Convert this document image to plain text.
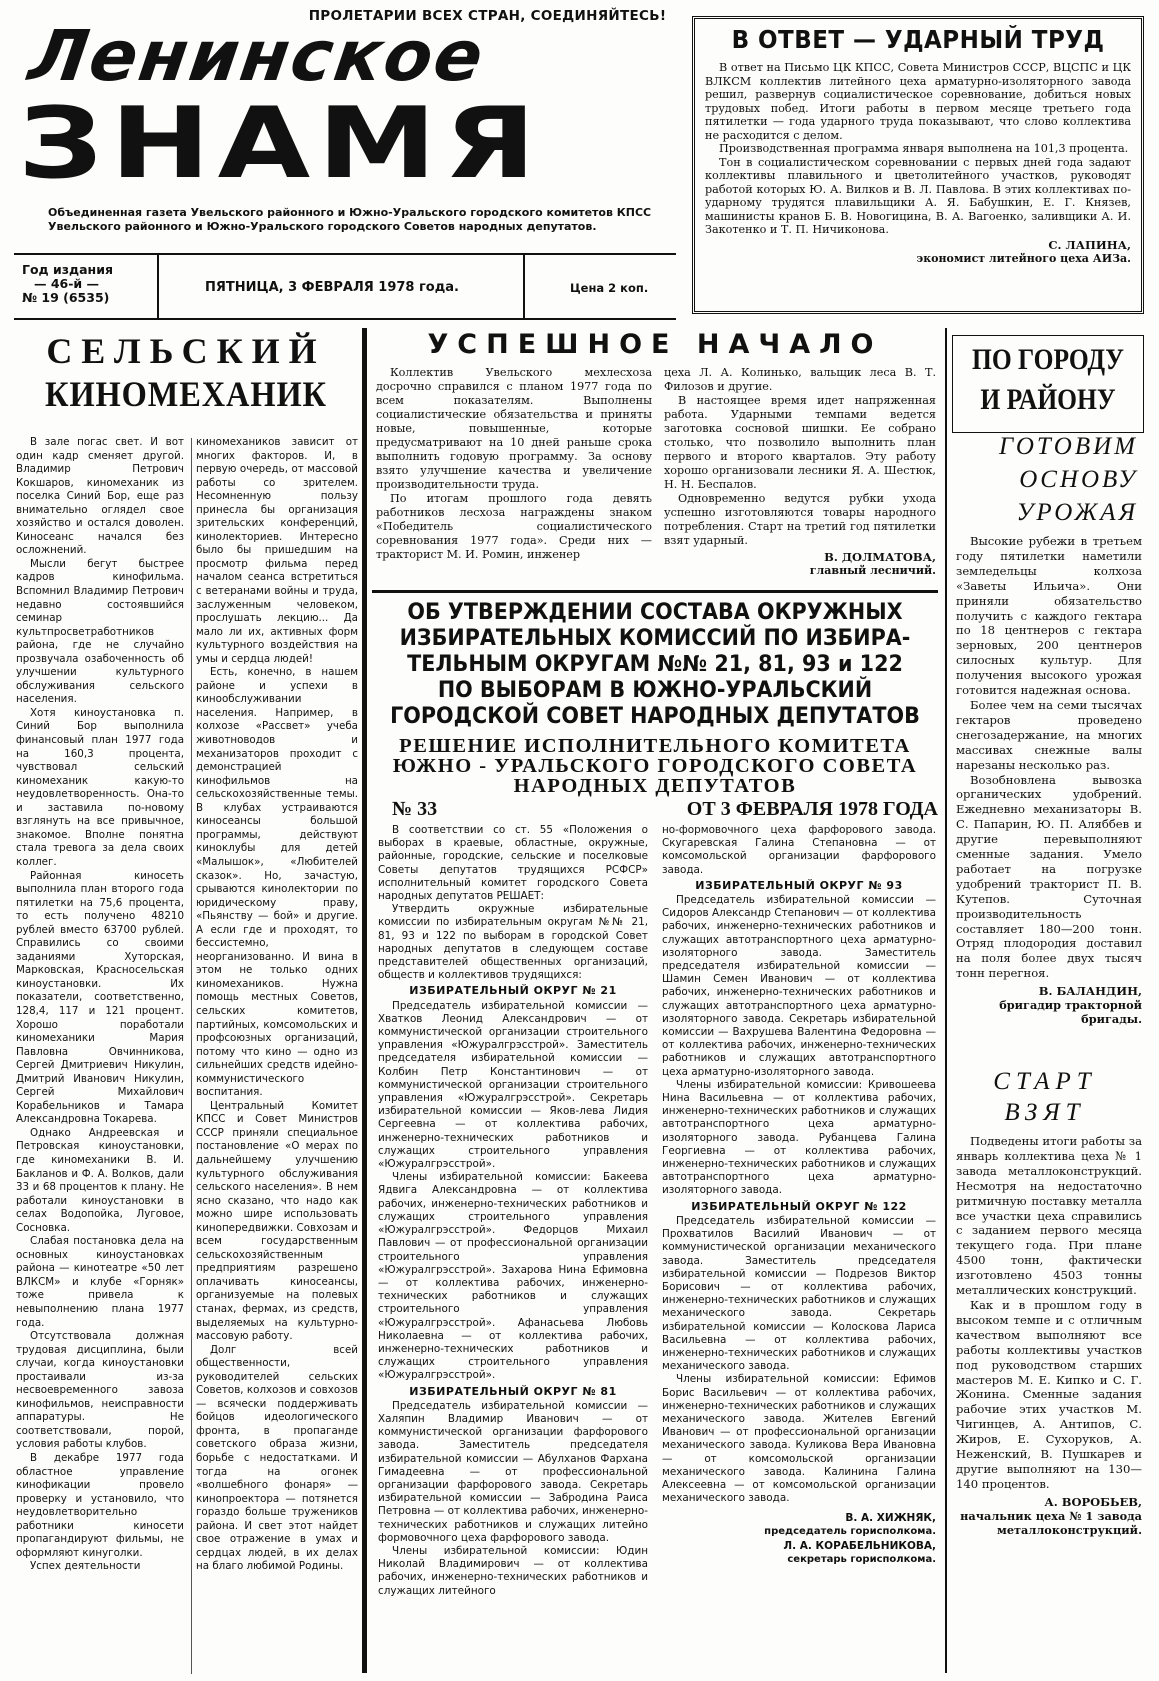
ПРОЛЕТАРИИ ВСЕХ СТРАН, СОЕДИНЯЙТЕСЬ!
Ленинское
ЗНАМЯ
Объединенная газета Увельского районного и Южно-Уральского городского комитетов КПСС Увельского районного и Южно-Уральского городского Советов народных депутатов.
Год издания
— 46-й —
№ 19 (6535)
ПЯТНИЦА, 3 ФЕВРАЛЯ 1978 года.	Цена 2 коп.
В ОТВЕТ — УДАРНЫЙ ТРУД

В ответ на Письмо ЦК КПСС, Совета Министров СССР, ВЦСПС и ЦК ВЛКСМ коллектив литейного цеха арматурно-изоляторного завода решил, развернув социалистическое соревнование, добиться новых трудовых побед. Итоги работы в первом месяце третьего года пятилетки — года ударного труда показывают, что слово коллектива не расходится с делом.

Производственная программа января выполнена на 101,3 процента.

Тон в социалистическом соревновании с первых дней года задают коллективы плавильного и цветолитейного участков, руководят работой которых Ю. А. Вилков и В. Л. Павлова. В этих коллективах по-ударному трудятся плавильщики А. Я. Бабушкин, Е. Г. Князев, машинисты кранов Б. В. Новогицина, В. А. Вагоенко, заливщики А. И. Закотенко и Т. П. Ничиконова.

С. ЛАПИНА,
экономист литейного цеха АИЗа.
СЕЛЬСКИЙ
КИНОМЕХАНИК

В зале погас свет. И вот один кадр сменяет другой. Владимир Петрович Кокшаров, киномеханик из поселка Синий Бор, еще раз внимательно оглядел свое хозяйство и остался доволен. Киносеанс начался без осложнений.

Мысли бегут быстрее кадров кинофильма. Вспомнил Владимир Петрович недавно состоявшийся семинар культпросветработников района, где не случайно прозвучала озабоченность об улучшении культурного обслуживания сельского населения.

Хотя киноустановка п. Синий Бор выполнила финансовый план 1977 года на 160,3 процента, чувствовал сельский киномеханик какую-то неудовлетворенность. Она-то и заставила по-новому взглянуть на все привычное, знакомое. Вполне понятна стала тревога за дела своих коллег.

Районная киносеть выполнила план второго года пятилетки на 75,6 процента, то есть получено 48210 рублей вместо 63700 рублей. Справились со своими заданиями Хуторская, Марковская, Красносельская киноустановки. Их показатели, соответственно, 128,4, 117 и 121 процент. Хорошо поработали киномеханики Мария Павловна Овчинникова, Сергей Дмитриевич Никулин, Дмитрий Иванович Никулин, Сергей Михайлович Корабельников и Тамара Александровна Токарева.

Однако Андреевская и Петровская киноустановки, где киномеханики В. И. Бакланов и Ф. А. Волков, дали 33 и 68 процентов к плану. Не работали киноустановки в селах Водопойка, Луговое, Сосновка.

Слабая постановка дела на основных киноустановках района — кинотеатре «50 лет ВЛКСМ» и клубе «Горняк» тоже привела к невыполнению плана 1977 года.

Отсутствовала должная трудовая дисциплина, были случаи, когда киноустановки простаивали из-за несвоевременного завоза кинофильмов, неисправности аппаратуры. Не соответствовали, порой, условия работы клубов.

В декабре 1977 года областное управление кинофикации провело проверку и установило, что неудовлетворительно работники киносети пропагандируют фильмы, не оформляют кинуголки.

Успех деятельности

киномехаников зависит от многих факторов. И, в первую очередь, от массовой работы со зрителем. Несомненную пользу принесла бы организация зрительских конференций, кинолекториев. Интересно было бы пришедшим на просмотр фильма перед началом сеанса встретиться с ветеранами войны и труда, заслуженным человеком, прослушать лекцию... Да мало ли их, активных форм культурного воздействия на умы и сердца людей!

Есть, конечно, в нашем районе и успехи в кинообслуживании населения. Например, в колхозе «Рассвет» учеба животноводов и механизаторов проходит с демонстрацией кинофильмов на сельскохозяйственные темы. В клубах устраиваются киносеансы большой программы, действуют киноклубы для детей «Малышок», «Любителей сказок». Но, зачастую, срываются кинолектории по юридическому праву, «Пьянству — бой» и другие. А если где и проходят, то бессистемно, неорганизованно. И вина в этом не только одних киномехаников. Нужна помощь местных Советов, сельских комитетов, партийных, комсомольских и профсоюзных организаций, потому что кино — одно из сильнейших средств идейно-коммунистического воспитания.

Центральный Комитет КПСС и Совет Министров СССР приняли специальное постановление «О мерах по дальнейшему улучшению культурного обслуживания сельского населения». В нем ясно сказано, что надо как можно шире использовать кинопередвижки. Совхозам и всем государственным сельскохозяйственным предприятиям разрешено оплачивать киносеансы, организуемые на полевых станах, фермах, из средств, выделяемых на культурно-массовую работу.

Долг всей общественности, руководителей сельских Советов, колхозов и совхозов — всячески поддерживать бойцов идеологического фронта, в пропаганде советского образа жизни, борьбе с недостатками. И тогда на огонек «волшебного фонаря» — кинопроектора — потянется гораздо больше тружеников района. И свет этот найдет свое отражение в умах и сердцах людей, в их делах на благо любимой Родины.

УСПЕШНОЕ НАЧАЛО

Коллектив Увельского мехлесхоза досрочно справился с планом 1977 года по всем показателям. Выполнены социалистические обязательства и приняты новые, повышенные, которые предусматривают на 10 дней раньше срока выполнить годовую программу. За основу взято улучшение качества и увеличение производительности труда.

По итогам прошлого года девять работников лесхоза награждены знаком «Победитель социалистического соревнования 1977 года». Среди них — тракторист М. И. Ромин, инженер

цеха Л. А. Колинько, вальщик леса В. Т. Филозов и другие.

В настоящее время идет напряженная работа. Ударными темпами ведется заготовка сосновой шишки. Ее собрано столько, что позволило выполнить план первого и второго кварталов. Эту работу хорошо организовали лесники Я. А. Шестюк, Н. Н. Беспалов.

Одновременно ведутся рубки ухода успешно изготовляются товары народного потребления. Старт на третий год пятилетки взят ударный.

В. ДОЛМАТОВА,
главный лесничий.
ОБ УТВЕРЖДЕНИИ СОСТАВА ОКРУЖНЫХ
ИЗБИРАТЕЛЬНЫХ КОМИССИЙ ПО ИЗБИРА-
ТЕЛЬНЫМ ОКРУГАМ №№ 21, 81, 93 и 122
ПО ВЫБОРАМ В ЮЖНО-УРАЛЬСКИЙ
ГОРОДСКОЙ СОВЕТ НАРОДНЫХ ДЕПУТАТОВ
РЕШЕНИЕ ИСПОЛНИТЕЛЬНОГО КОМИТЕТА
ЮЖНО - УРАЛЬСКОГО ГОРОДСКОГО СОВЕТА
НАРОДНЫХ ДЕПУТАТОВ
№ 33	ОТ 3 ФЕВРАЛЯ 1978 ГОДА

В соответствии со ст. 55 «Положения о выборах в краевые, областные, окружные, районные, городские, сельские и поселковые Советы депутатов трудящихся РСФСР» исполнительный комитет городского Совета народных депутатов РЕШАЕТ:

Утвердить окружные избирательные комиссии по избирательным округам №№ 21, 81, 93 и 122 по выборам в городской Совет народных депутатов в следующем составе представителей общественных организаций, обществ и коллективов трудящихся:

ИЗБИРАТЕЛЬНЫЙ ОКРУГ № 21

Председатель избирательной комиссии — Хватков Леонид Александрович — от коммунистической организации строительного управления «Южуралгрэсстрой». Заместитель председателя избирательной комиссии — Колбин Петр Константинович — от коммунистической организации строительного управления «Южуралгрэсстрой». Секретарь избирательной комиссии — Яков-лева Лидия Сергеевна — от коллектива рабочих, инженерно-технических работников и служащих строительного управления «Южуралгрэсстрой».

Члены избирательной комиссии: Бакеева Ядвига Александровна — от коллектива рабочих, инженерно-технических работников и служащих строительного управления «Южуралгрэсстрой». Федорцов Михаил Павлович — от профессиональной организации строительного управления «Южуралгрэсстрой». Захарова Нина Ефимовна — от коллектива рабочих, инженерно-технических работников и служащих строительного управления «Южуралгрэсстрой». Афанасьева Любовь Николаевна — от коллектива рабочих, инженерно-технических работников и служащих строительного управления «Южуралгрэсстрой».

ИЗБИРАТЕЛЬНЫЙ ОКРУГ № 81

Председатель избирательной комиссии — Халяпин Владимир Иванович — от коммунистической организации фарфорового завода. Заместитель председателя избирательной комиссии — Абулханов Фархана Гимадеевна — от профессиональной организации фарфорового завода. Секретарь избирательной комиссии — Забродина Раиса Петровна — от коллектива рабочих, инженерно-технических работников и служащих литейно формовочного цеха фарфорового завода.

Члены избирательной комиссии: Юдин Николай Владимирович — от коллектива рабочих, инженерно-технических работников и служащих литейного

но-формовочного цеха фарфорового завода. Скугаревская Галина Степановна — от комсомольской организации фарфорового завода.

ИЗБИРАТЕЛЬНЫЙ ОКРУГ № 93

Председатель избирательной комиссии — Сидоров Александр Степанович — от коллектива рабочих, инженерно-технических работников и служащих автотранспортного цеха арматурно-изоляторного завода. Заместитель председателя избирательной комиссии — Шамин Семен Иванович — от коллектива рабочих, инженерно-технических работников и служащих автотранспортного цеха арматурно-изоляторного завода. Секретарь избирательной комиссии — Вахрушева Валентина Федоровна — от коллектива рабочих, инженерно-технических работников и служащих автотранспортного цеха арматурно-изоляторного завода.

Члены избирательной комиссии: Кривошеева Нина Васильевна — от коллектива рабочих, инженерно-технических работников и служащих автотранспортного цеха арматурно-изоляторного завода. Рубанцева Галина Георгиевна — от коллектива рабочих, инженерно-технических работников и служащих автотранспортного цеха арматурно-изоляторного завода.

ИЗБИРАТЕЛЬНЫЙ ОКРУГ № 122

Председатель избирательной комиссии — Прохватилов Василий Иванович — от коммунистической организации механического завода. Заместитель председателя избирательной комиссии — Подрезов Виктор Борисович — от коллектива рабочих, инженерно-технических работников и служащих механического завода. Секретарь избирательной комиссии — Колоскова Лариса Васильевна — от коллектива рабочих, инженерно-технических работников и служащих механического завода.

Члены избирательной комиссии: Ефимов Борис Васильевич — от коллектива рабочих, инженерно-технических работников и служащих механического завода. Жителев Евгений Иванович — от профессиональной организации механического завода. Куликова Вера Ивановна — от комсомольской организации механического завода. Калинина Галина Алексеевна — от комсомольской организации механического завода.

В. А. ХИЖНЯК,
председатель горисполкома.
Л. А. КОРАБЕЛЬНИКОВА,
секретарь горисполкома.
ПО ГОРОДУ
И РАЙОНУ
ГОТОВИМ
ОСНОВУ
УРОЖАЯ

Высокие рубежи в третьем году пятилетки наметили земледельцы колхоза «Заветы Ильича». Они приняли обязательство получить с каждого гектара по 18 центнеров с гектара зерновых, 200 центнеров силосных культур. Для получения высокого урожая готовится надежная основа.

Более чем на семи тысячах гектаров проведено снегозадержание, на многих массивах снежные валы нарезаны несколько раз.

Возобновлена вывозка органических удобрений. Ежедневно механизаторы В. С. Папарин, Ю. П. Аляббев и другие перевыполняют сменные задания. Умело работает на погрузке удобрений тракторист П. В. Кутепов. Суточная производительность составляет 180—200 тонн. Отряд плодородия доставил на поля более двух тысяч тонн перегноя.

В. БАЛАНДИН,
бригадир тракторной бригады.
СТАРТ
ВЗЯТ

Подведены итоги работы за январь коллектива цеха № 1 завода металлоконструкций. Несмотря на недостаточно ритмичную поставку металла все участки цеха справились с заданием первого месяца текущего года. При плане 4500 тонн, фактически изготовлено 4503 тонны металлических конструкций.

Как и в прошлом году в высоком темпе и с отличным качеством выполняют все работы коллективы участков под руководством старших мастеров М. Е. Кипко и С. Г. Жонина. Сменные задания рабочие этих участков М. Чигинцев, А. Антипов, С. Жиров, Е. Сухоруков, А. Неженский, В. Пушкарев и другие выполняют на 130—140 процентов.

А. ВОРОБЬЕВ,
начальник цеха № 1 завода металлоконструкций.
